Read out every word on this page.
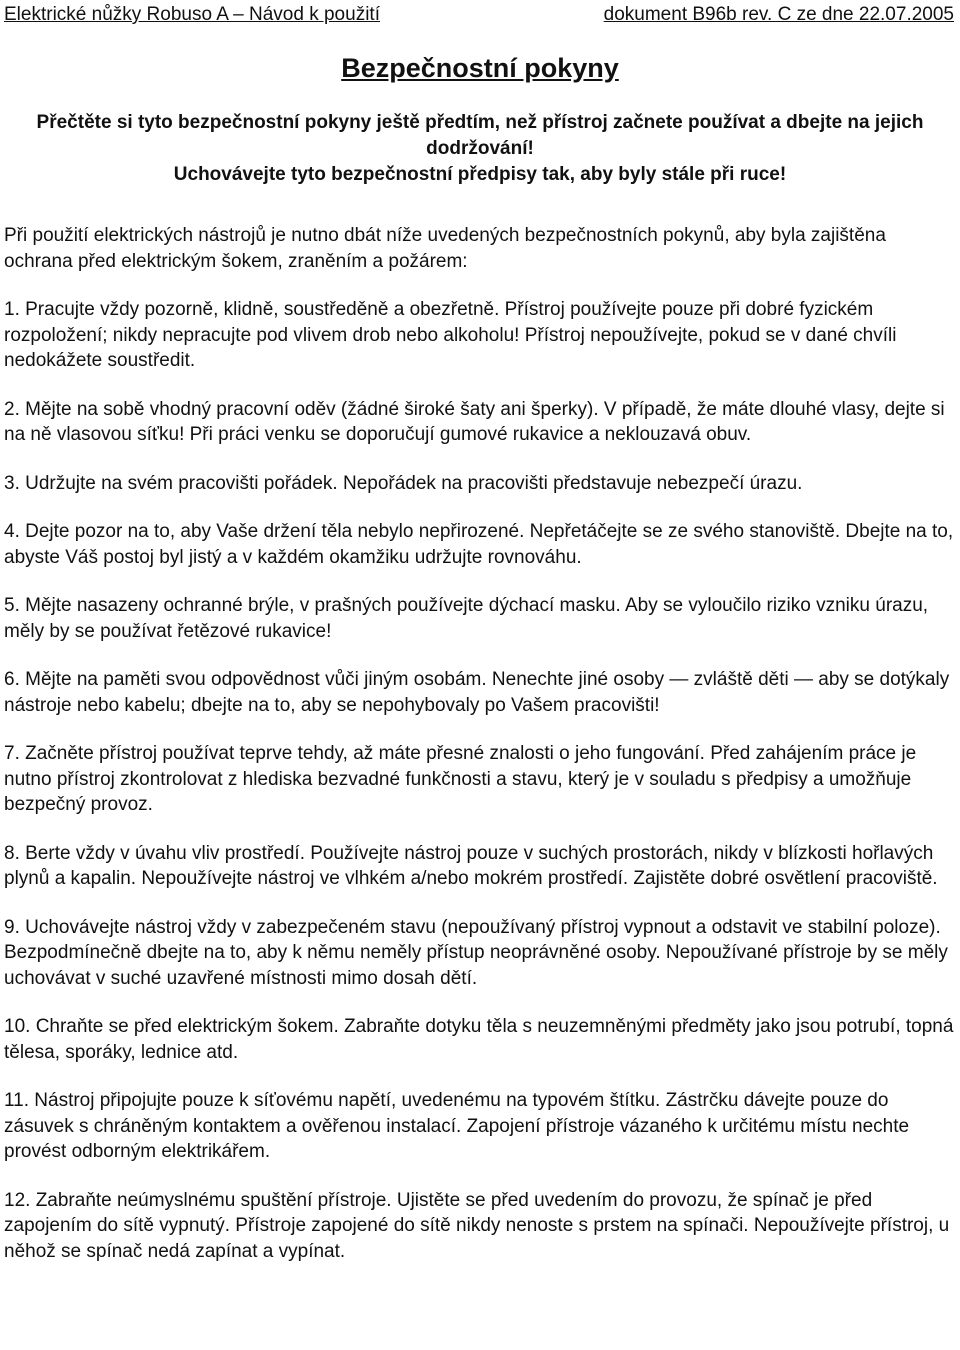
Elektrické nůžky Robuso A – Návod k použití	dokument B96b rev. C ze dne 22.07.2005
Bezpečnostní pokyny

Přečtěte si tyto bezpečnostní pokyny ještě předtím, než přístroj začnete používat a dbejte na jejich dodržování!

Uchovávejte tyto bezpečnostní předpisy tak, aby byly stále při ruce!

Při použití elektrických nástrojů je nutno dbát níže uvedených bezpečnostních pokynů, aby byla zajištěna ochrana před elektrickým šokem, zraněním a požárem:
1. Pracujte vždy pozorně, klidně, soustředěně a obezřetně. Přístroj používejte pouze při dobré fyzickém rozpoložení; nikdy nepracujte pod vlivem drob nebo alkoholu! Přístroj nepoužívejte, pokud se v dané chvíli nedokážete soustředit.
2. Mějte na sobě vhodný pracovní oděv (žádné široké šaty ani šperky). V případě, že máte dlouhé vlasy, dejte si na ně vlasovou síťku! Při práci venku se doporučují gumové rukavice a neklouzavá obuv.
3. Udržujte na svém pracovišti pořádek. Nepořádek na pracovišti představuje nebezpečí úrazu.
4. Dejte pozor na to, aby Vaše držení těla nebylo nepřirozené. Nepřetáčejte se ze svého stanoviště. Dbejte na to, abyste Váš postoj byl jistý a v každém okamžiku udržujte rovnováhu.
5. Mějte nasazeny ochranné brýle, v prašných používejte dýchací masku. Aby se vyloučilo riziko vzniku úrazu, měly by se používat řetězové rukavice!
6. Mějte na paměti svou odpovědnost vůči jiným osobám. Nenechte jiné osoby — zvláště děti — aby se dotýkaly nástroje nebo kabelu; dbejte na to, aby se nepohybovaly po Vašem pracovišti!
7. Začněte přístroj používat teprve tehdy, až máte přesné znalosti o jeho fungování. Před zahájením práce je nutno přístroj zkontrolovat z hlediska bezvadné funkčnosti a stavu, který je v souladu s předpisy a umožňuje bezpečný provoz.
8. Berte vždy v úvahu vliv prostředí. Používejte nástroj pouze v suchých prostorách, nikdy v blízkosti hořlavých plynů a kapalin. Nepoužívejte nástroj ve vlhkém a/nebo mokrém prostředí. Zajistěte dobré osvětlení pracoviště.
9. Uchovávejte nástroj vždy v zabezpečeném stavu (nepoužívaný přístroj vypnout a odstavit ve stabilní poloze). Bezpodmínečně dbejte na to, aby k němu neměly přístup neoprávněné osoby. Nepoužívané přístroje by se měly uchovávat v suché uzavřené místnosti mimo dosah dětí.
10. Chraňte se před elektrickým šokem. Zabraňte dotyku těla s neuzemněnými předměty jako jsou potrubí, topná tělesa, sporáky, lednice atd.
11. Nástroj připojujte pouze k síťovému napětí, uvedenému na typovém štítku. Zástrčku dávejte pouze do zásuvek s chráněným kontaktem a ověřenou instalací. Zapojení přístroje vázaného k určitému místu nechte provést odborným elektrikářem.
12. Zabraňte neúmyslnému spuštění přístroje. Ujistěte se před uvedením do provozu, že spínač je před zapojením do sítě vypnutý. Přístroje zapojené do sítě nikdy nenoste s prstem na spínači. Nepoužívejte přístroj, u něhož se spínač nedá zapínat a vypínat.
